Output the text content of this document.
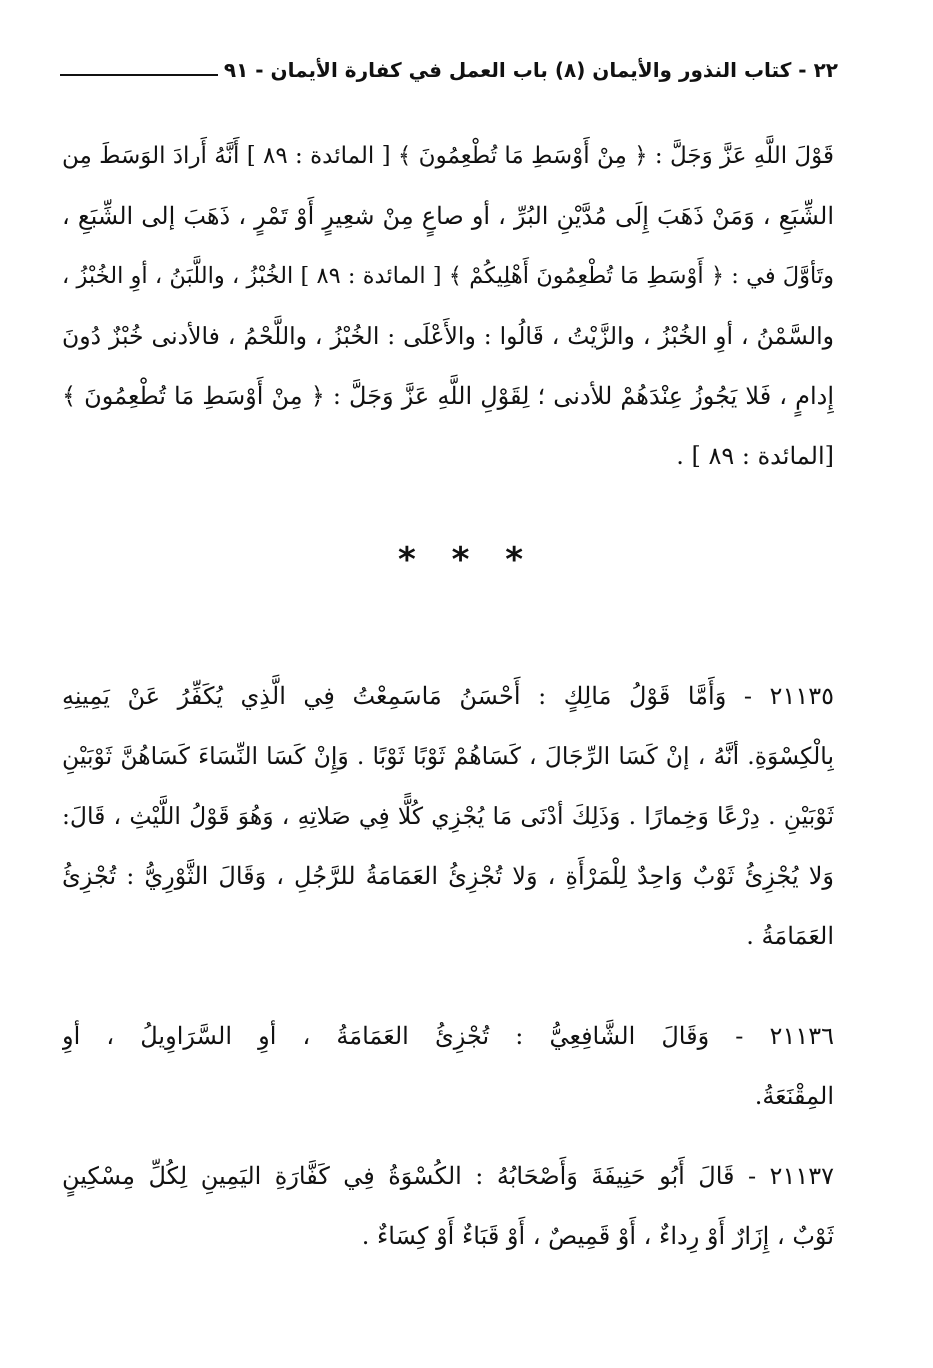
٢٢ - كتاب النذور والأيمان (٨) باب العمل في كفارة الأيمان - ٩١
قَوْلَ اللَّهِ عَزَّ وَجَلَّ : ﴿ مِنْ أَوْسَطِ مَا تُطْعِمُونَ ﴾ [ المائدة : ٨٩ ] أَنَّهُ أَرادَ الوَسَطَ مِن
الشِّبَعِ ، وَمَنْ ذَهَبَ إِلَى مُدَّيْنِ البُرِّ ، أو صاعٍ مِنْ شعِيرٍ أَوْ تَمْرٍ ، ذَهَبَ إلى الشِّبَعِ ،
وتَأوَّلَ في : ﴿ أَوْسَطِ مَا تُطْعِمُونَ أَهْلِيكُمْ ﴾ [ المائدة : ٨٩ ] الخُبْزُ ، واللَّبَنُ ، أوِ الخُبْزُ ،
والسَّمْنُ ، أوِ الخُبْزُ ، والزَّيْتُ ، قَالُوا : والأَعْلَى : الخُبْزُ ، واللَّحْمُ ، فالأدنى خُبْزٌ دُونَ
إِدامٍ ، فَلا يَجُوزُ عِنْدَهُمْ للأدنى ؛ لِقَوْلِ اللَّهِ عَزَّ وَجَلَّ : ﴿ مِنْ أَوْسَطِ مَا تُطْعِمُونَ ﴾
[المائدة : ٨٩ ] .
* * *
٢١١٣٥ - وَأَمَّا قَوْلُ مَالِكٍ : أَحْسَنُ مَاسَمِعْتُ فِي الَّذِي يُكَفِّرُ عَنْ يَمِينِهِ
بِالْكِسْوَةِ. أنَّهُ ، إنْ كَسَا الرِّجَالَ ، كَسَاهُمْ ثَوْبًا ثَوْبًا . وَإِنْ كَسَا النِّسَاءَ كَسَاهُنَّ ثَوْبَيْنِ
ثَوْبَيْنِ . دِرْعًا وَخِمارًا . وَذَلِكَ أدْنَى مَا يُجْزِي كُلًّا فِي صَلاتِهِ ، وَهُوَ قَوْلُ اللَّيْثِ ، قَالَ:
وَلا يُجْزِئُ ثَوْبٌ وَاحِدٌ لِلْمَرْأَةِ ، وَلا تُجْزِئُ العَمَامَةُ للرَّجُلِ ، وَقَالَ الثَّوْرِيُّ : تُجْزِئُ
العَمَامَةُ .
٢١١٣٦ - وَقَالَ الشَّافِعِيُّ : تُجْزِئُ العَمَامَةُ ، أوِ السَّرَاوِيلُ ، أوِ
المِقْنَعَةُ.
٢١١٣٧ - قَالَ أَبُو حَنِيفَةَ وَأَصْحَابُهُ : الكُسْوَةُ فِي كَفَّارَةِ اليَمِينِ لِكُلِّ مِسْكِينٍ
ثَوْبٌ ، إِزَارٌ أَوْ رِداءٌ ، أَوْ قَمِيصٌ ، أَوْ قَبَاءٌ أَوْ كِسَاءٌ .
